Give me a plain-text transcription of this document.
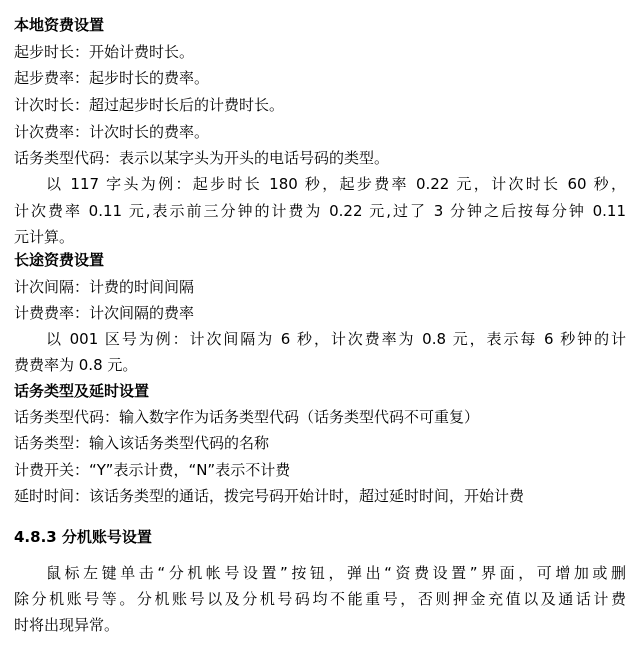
本地资费设置
起步时长：开始计费时长。
起步费率：起步时长的费率。
计次时长：超过起步时长后的计费时长。
计次费率：计次时长的费率。
话务类型代码：表示以某字头为开头的电话号码的类型。
以 117 字头为例：起步时长 180 秒，起步费率 0.22 元，计次时长 60 秒，
计次费率 0.11 元,表示前三分钟的计费为 0.22 元,过了 3 分钟之后按每分钟 0.11
元计算。
长途资费设置
计次间隔：计费的时间间隔
计费费率：计次间隔的费率
以 001 区号为例：计次间隔为 6 秒，计次费率为 0.8 元，表示每 6 秒钟的计
费费率为 0.8 元。
话务类型及延时设置
话务类型代码：输入数字作为话务类型代码（话务类型代码不可重复）
话务类型：输入该话务类型代码的名称
计费开关：“Y”表示计费，“N”表示不计费
延时时间：该话务类型的通话，拨完号码开始计时，超过延时时间，开始计费
4.8.3 分机账号设置
鼠标左键单击“分机帐号设置”按钮，弹出“资费设置”界面，可增加或删
除分机账号等。分机账号以及分机号码均不能重号，否则押金充值以及通话计费
时将出现异常。
